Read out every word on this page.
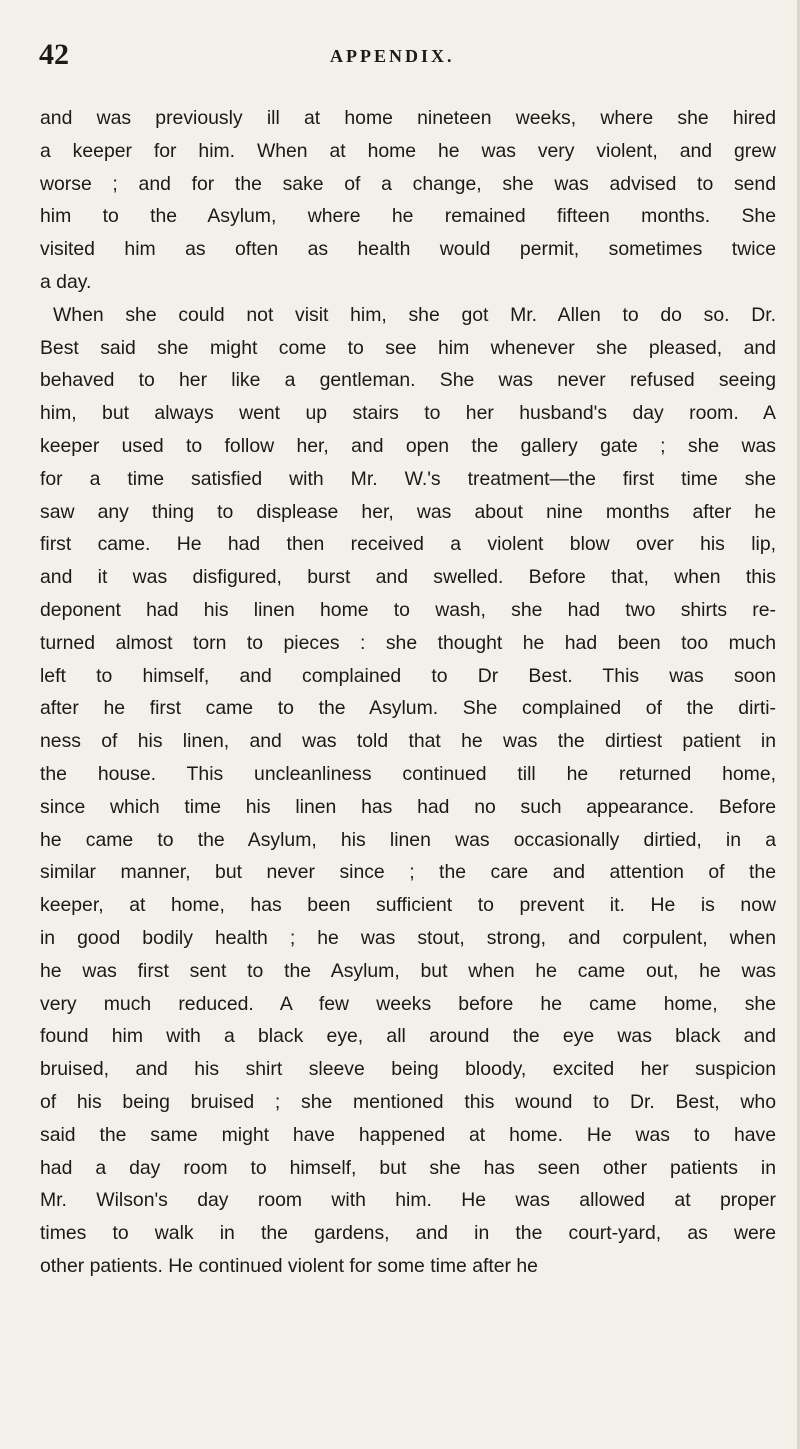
42	APPENDIX.
and was previously ill at home nineteen weeks, where she hired
a keeper for him. When at home he was very violent, and grew
worse ; and for the sake of a change, she was advised to send
him to the Asylum, where he remained fifteen months. She
visited him as often as health would permit, sometimes twice
a day.
When she could not visit him, she got Mr. Allen to do so. Dr.
Best said she might come to see him whenever she pleased, and
behaved to her like a gentleman. She was never refused seeing
him, but always went up stairs to her husband's day room. A
keeper used to follow her, and open the gallery gate ; she was
for a time satisfied with Mr. W.'s treatment—the first time she
saw any thing to displease her, was about nine months after he
first came. He had then received a violent blow over his lip,
and it was disfigured, burst and swelled. Before that, when this
deponent had his linen home to wash, she had two shirts re-
turned almost torn to pieces : she thought he had been too much
left to himself, and complained to Dr Best. This was soon
after he first came to the Asylum. She complained of the dirti-
ness of his linen, and was told that he was the dirtiest patient in
the house. This uncleanliness continued till he returned home,
since which time his linen has had no such appearance. Before
he came to the Asylum, his linen was occasionally dirtied, in a
similar manner, but never since ; the care and attention of the
keeper, at home, has been sufficient to prevent it. He is now
in good bodily health ; he was stout, strong, and corpulent, when
he was first sent to the Asylum, but when he came out, he was
very much reduced. A few weeks before he came home, she
found him with a black eye, all around the eye was black and
bruised, and his shirt sleeve being bloody, excited her suspicion
of his being bruised ; she mentioned this wound to Dr. Best, who
said the same might have happened at home. He was to have
had a day room to himself, but she has seen other patients in
Mr. Wilson's day room with him. He was allowed at proper
times to walk in the gardens, and in the court-yard, as were
other patients. He continued violent for some time after he
